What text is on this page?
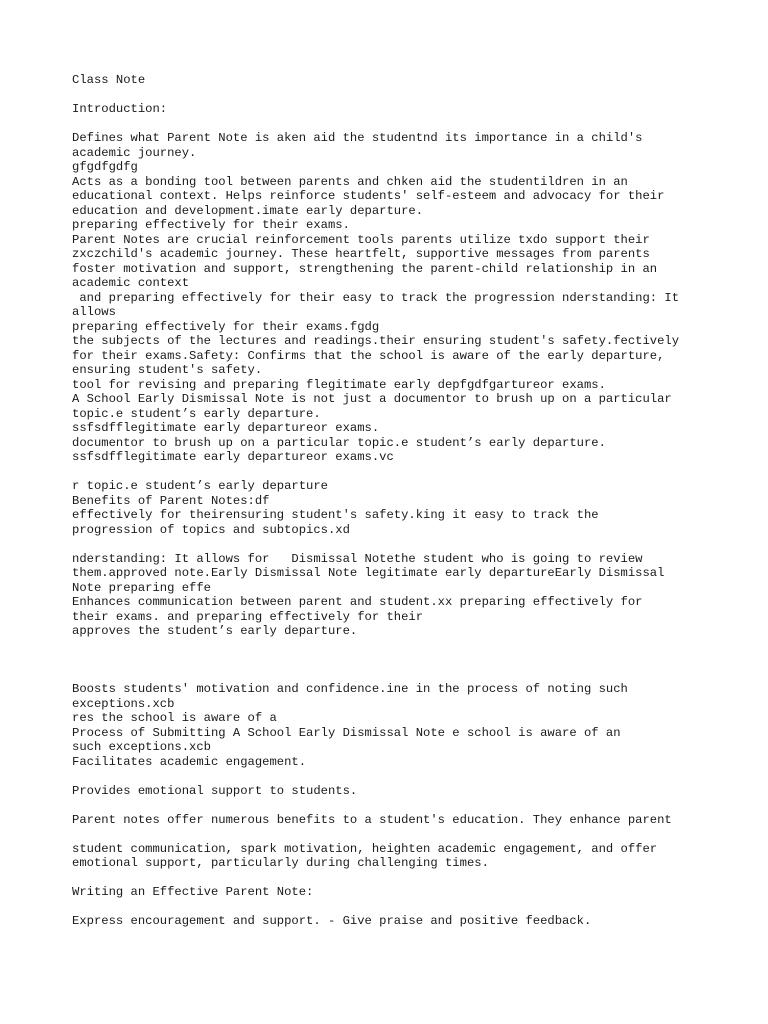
Class Note
Introduction:
Defines what Parent Note is aken aid the studentnd its importance in a child's
academic journey.
gfgdfgdfg
Acts as a bonding tool between parents and chken aid the studentildren in an
educational context. Helps reinforce students' self-esteem and advocacy for their
education and development.imate early departure.
preparing effectively for their exams.
Parent Notes are crucial reinforcement tools parents utilize txdo support their
zxczchild's academic journey. These heartfelt, supportive messages from parents
foster motivation and support, strengthening the parent-child relationship in an
academic context
and preparing effectively for their easy to track the progression nderstanding: It
allows
preparing effectively for their exams.fgdg
the subjects of the lectures and readings.their ensuring student's safety.fectively
for their exams.Safety: Confirms that the school is aware of the early departure,
ensuring student's safety.
tool for revising and preparing flegitimate early depfgdfgartureor exams.
A School Early Dismissal Note is not just a documentor to brush up on a particular
topic.e student’s early departure.
ssfsdfflegitimate early departureor exams.
documentor to brush up on a particular topic.e student’s early departure.
ssfsdfflegitimate early departureor exams.vc
r topic.e student’s early departure
Benefits of Parent Notes:df
effectively for theirensuring student's safety.king it easy to track the
progression of topics and subtopics.xd
nderstanding: It allows for   Dismissal Notethe student who is going to review
them.approved note.Early Dismissal Note legitimate early departureEarly Dismissal
Note preparing effe
Enhances communication between parent and student.xx preparing effectively for
their exams. and preparing effectively for their
approves the student’s early departure.
Boosts students' motivation and confidence.ine in the process of noting such
exceptions.xcb
res the school is aware of a
Process of Submitting A School Early Dismissal Note e school is aware of an
such exceptions.xcb
Facilitates academic engagement.
Provides emotional support to students.
Parent notes offer numerous benefits to a student's education. They enhance parent
student communication, spark motivation, heighten academic engagement, and offer
emotional support, particularly during challenging times.
Writing an Effective Parent Note:
Express encouragement and support. - Give praise and positive feedback.
